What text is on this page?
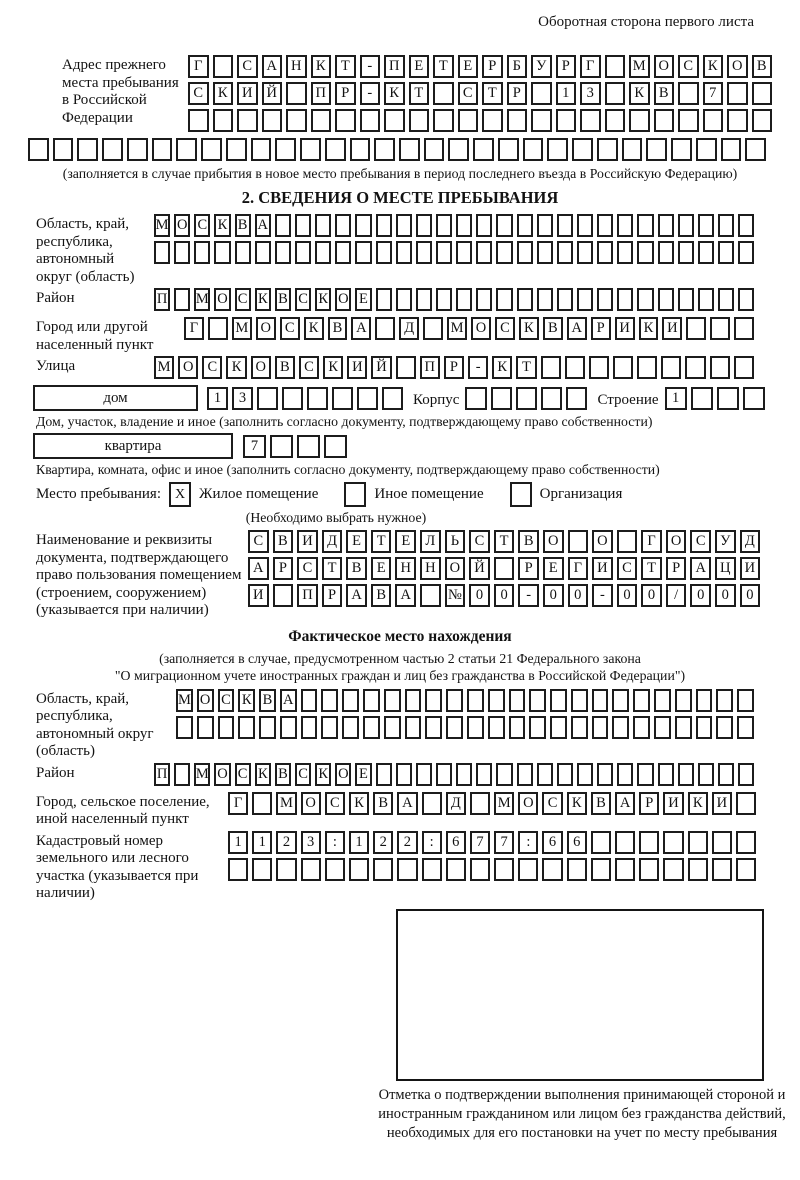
Оборотная сторона первого листа
Адрес прежнего места пребывания в Российской Федерации
Г	С А Н К	Т	-	П	Е	Т	Е	Р	Б	У	Р	Г	М О С	К О В
С	К И Й	П	Р	-	К	Т	С	Т	Р	1	3	К	В	7
(заполняется в случае прибытия в новое место пребывания в период последнего въезда в Российскую Федерацию)
2. СВЕДЕНИЯ О МЕСТЕ ПРЕБЫВАНИЯ
Область, край, республика, автономный округ (область)
М О С К В А
Район	П М О С К В С К О Е
Город или другой населенный пункт
Г	М О С К В А	Д	М О С К В А	Р	И К И
Улица	М О С К О В С К И Й	П	Р	-	К	Т
дом	1	3	Корпус	Строение 1
Дом, участок, владение и иное (заполнить согласно документу, подтверждающему право собственности)
квартира	7
Квартира, комната, офис и иное (заполнить согласно документу, подтверждающему право собственности)
Место пребывания: X Жилое помещение	Иное помещение	Организация
(Необходимо выбрать нужное)
Наименование и реквизиты документа, подтверждающего право пользования помещением (строением, сооружением) (указывается при наличии)
С	В	И Д	Е	Т	Е	Л	Ь	С	Т	В	О	О	Г	О	С	У Д
А	Р	С	Т	В	Е	Н Н О Й	Р	Е	Г	И	С	Т	Р	А Ц И
И	П	Р	А	В	А	№ 0	0	-	0	0	-	0	0	/	0	0	0
Фактическое место нахождения
(заполняется в случае, предусмотренном частью 2 статьи 21 Федерального закона
"О миграционном учете иностранных граждан и лиц без гражданства в Российской Федерации")
Область, край, республика, автономный округ (область)
М О С К В А
Район	П М О С К В С К О Е
Город, сельское поселение, иной населенный пункт
Г	М О С	К	В А	Д	М О С	К	В А	Р	И К И
Кадастровый номер земельного или лесного участка (указывается при наличии)
1	1	2	3	:	1	2	2	:	6	7	7	:	6	6
Отметка о подтверждении выполнения принимающей стороной и иностранным гражданином или лицом без гражданства действий, необходимых для его постановки на учет по месту пребывания
